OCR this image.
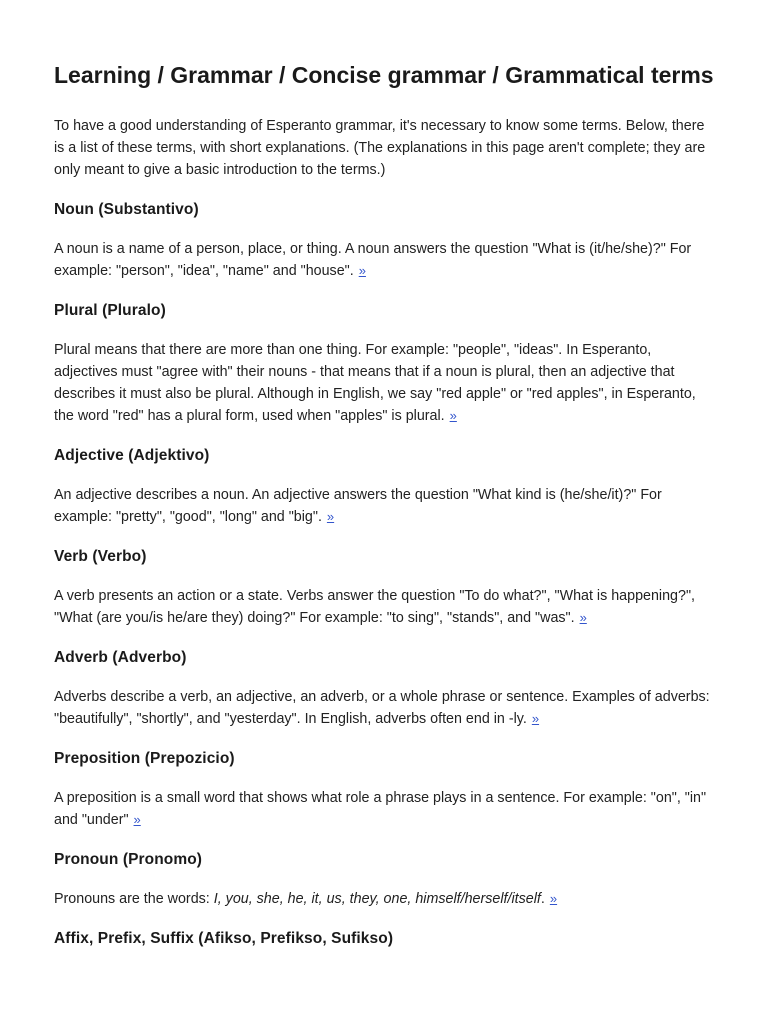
Learning / Grammar / Concise grammar / Grammatical terms

To have a good understanding of Esperanto grammar, it's necessary to know some terms. Below, there is a list of these terms, with short explanations. (The explanations in this page aren't complete; they are only meant to give a basic introduction to the terms.)

Noun (Substantivo)

A noun is a name of a person, place, or thing. A noun answers the question "What is (it/he/she)?" For example: "person", "idea", "name" and "house". »

Plural (Pluralo)

Plural means that there are more than one thing. For example: "people", "ideas". In Esperanto, adjectives must "agree with" their nouns - that means that if a noun is plural, then an adjective that describes it must also be plural. Although in English, we say "red apple" or "red apples", in Esperanto, the word "red" has a plural form, used when "apples" is plural. »

Adjective (Adjektivo)

An adjective describes a noun. An adjective answers the question "What kind is (he/she/it)?" For example: "pretty", "good", "long" and "big". »

Verb (Verbo)

A verb presents an action or a state. Verbs answer the question "To do what?", "What is happening?", "What (are you/is he/are they) doing?" For example: "to sing", "stands", and "was". »

Adverb (Adverbo)

Adverbs describe a verb, an adjective, an adverb, or a whole phrase or sentence. Examples of adverbs: "beautifully", "shortly", and "yesterday". In English, adverbs often end in -ly. »

Preposition (Prepozicio)

A preposition is a small word that shows what role a phrase plays in a sentence. For example: "on", "in" and "under" »

Pronoun (Pronomo)

Pronouns are the words: I, you, she, he, it, us, they, one, himself/herself/itself. »

Affix, Prefix, Suffix (Afikso, Prefikso, Sufikso)
